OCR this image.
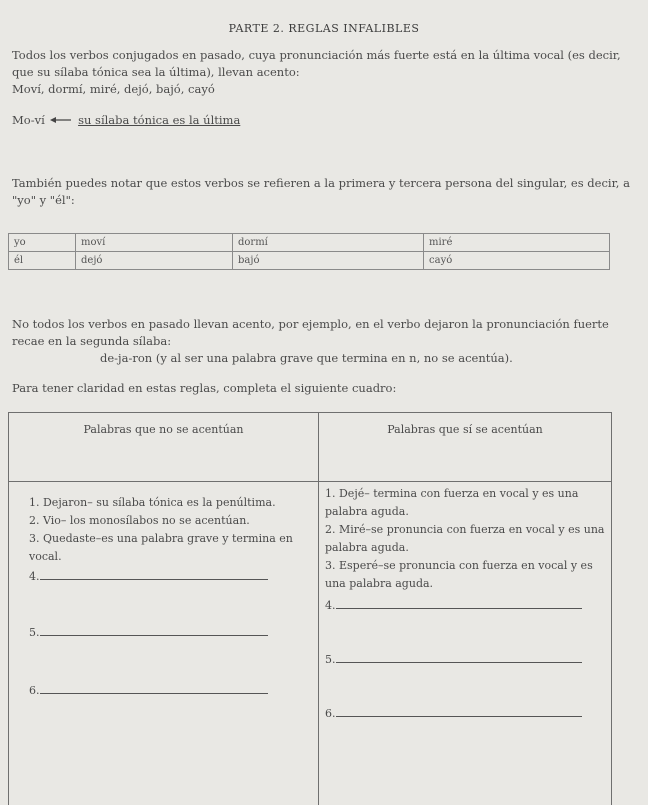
PARTE 2. REGLAS INFALIBLES
Todos los verbos conjugados en pasado, cuya pronunciación más fuerte está en la última vocal (es decir, que su sílaba tónica sea la última), llevan acento:
Moví, dormí, miré, dejó, bajó, cayó
Mo-ví	su sílaba tónica es la última
También puedes notar que estos verbos se refieren a la primera y tercera persona del singular, es decir, a "yo" y "él":
yo	moví	dormí	miré
él	dejó	bajó	cayó
No todos los verbos en pasado llevan acento, por ejemplo, en el verbo dejaron la pronunciación fuerte recae en la segunda sílaba:
de-ja-ron (y al ser una palabra grave que termina en n, no se acentúa).
Para tener claridad en estas reglas, completa el siguiente cuadro:
Palabras que no se acentúan	Palabras que sí se acentúan
1. Dejaron– su sílaba tónica es la penúltima.
2. Vio– los monosílabos no se acentúan.
3. Quedaste–es una palabra grave y termina en vocal.
4.
5.
6.
1. Dejé– termina con fuerza en vocal y es una palabra aguda.
2. Miré–se pronuncia con fuerza en vocal y es una palabra aguda.
3. Esperé–se pronuncia con fuerza en vocal y es una palabra aguda.
4.
5.
6.
